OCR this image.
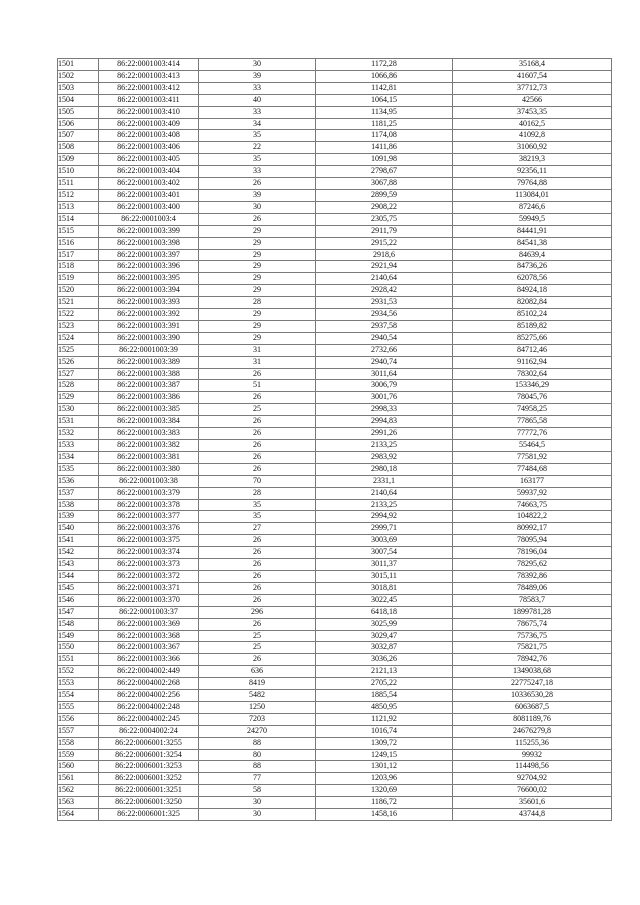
1501	86:22:0001003:414	30	1172,28	35168,4
1502	86:22:0001003:413	39	1066,86	41607,54
1503	86:22:0001003:412	33	1142,81	37712,73
1504	86:22:0001003:411	40	1064,15	42566
1505	86:22:0001003:410	33	1134,95	37453,35
1506	86:22:0001003:409	34	1181,25	40162,5
1507	86:22:0001003:408	35	1174,08	41092,8
1508	86:22:0001003:406	22	1411,86	31060,92
1509	86:22:0001003:405	35	1091,98	38219,3
1510	86:22:0001003:404	33	2798,67	92356,11
1511	86:22:0001003:402	26	3067,88	79764,88
1512	86:22:0001003:401	39	2899,59	113084,01
1513	86:22:0001003:400	30	2908,22	87246,6
1514	86:22:0001003:4	26	2305,75	59949,5
1515	86:22:0001003:399	29	2911,79	84441,91
1516	86:22:0001003:398	29	2915,22	84541,38
1517	86:22:0001003:397	29	2918,6	84639,4
1518	86:22:0001003:396	29	2921,94	84736,26
1519	86:22:0001003:395	29	2140,64	62078,56
1520	86:22:0001003:394	29	2928,42	84924,18
1521	86:22:0001003:393	28	2931,53	82082,84
1522	86:22:0001003:392	29	2934,56	85102,24
1523	86:22:0001003:391	29	2937,58	85189,82
1524	86:22:0001003:390	29	2940,54	85275,66
1525	86:22:0001003:39	31	2732,66	84712,46
1526	86:22:0001003:389	31	2940,74	91162,94
1527	86:22:0001003:388	26	3011,64	78302,64
1528	86:22:0001003:387	51	3006,79	153346,29
1529	86:22:0001003:386	26	3001,76	78045,76
1530	86:22:0001003:385	25	2998,33	74958,25
1531	86:22:0001003:384	26	2994,83	77865,58
1532	86:22:0001003:383	26	2991,26	77772,76
1533	86:22:0001003:382	26	2133,25	55464,5
1534	86:22:0001003:381	26	2983,92	77581,92
1535	86:22:0001003:380	26	2980,18	77484,68
1536	86:22:0001003:38	70	2331,1	163177
1537	86:22:0001003:379	28	2140,64	59937,92
1538	86:22:0001003:378	35	2133,25	74663,75
1539	86:22:0001003:377	35	2994,92	104822,2
1540	86:22:0001003:376	27	2999,71	80992,17
1541	86:22:0001003:375	26	3003,69	78095,94
1542	86:22:0001003:374	26	3007,54	78196,04
1543	86:22:0001003:373	26	3011,37	78295,62
1544	86:22:0001003:372	26	3015,11	78392,86
1545	86:22:0001003:371	26	3018,81	78489,06
1546	86:22:0001003:370	26	3022,45	78583,7
1547	86:22:0001003:37	296	6418,18	1899781,28
1548	86:22:0001003:369	26	3025,99	78675,74
1549	86:22:0001003:368	25	3029,47	75736,75
1550	86:22:0001003:367	25	3032,87	75821,75
1551	86:22:0001003:366	26	3036,26	78942,76
1552	86:22:0004002:449	636	2121,13	1349038,68
1553	86:22:0004002:268	8419	2705,22	22775247,18
1554	86:22:0004002:256	5482	1885,54	10336530,28
1555	86:22:0004002:248	1250	4850,95	6063687,5
1556	86:22:0004002:245	7203	1121,92	8081189,76
1557	86:22:0004002:24	24270	1016,74	24676279,8
1558	86:22:0006001:3255	88	1309,72	115255,36
1559	86:22:0006001:3254	80	1249,15	99932
1560	86:22:0006001:3253	88	1301,12	114498,56
1561	86:22:0006001:3252	77	1203,96	92704,92
1562	86:22:0006001:3251	58	1320,69	76600,02
1563	86:22:0006001:3250	30	1186,72	35601,6
1564	86:22:0006001:325	30	1458,16	43744,8
